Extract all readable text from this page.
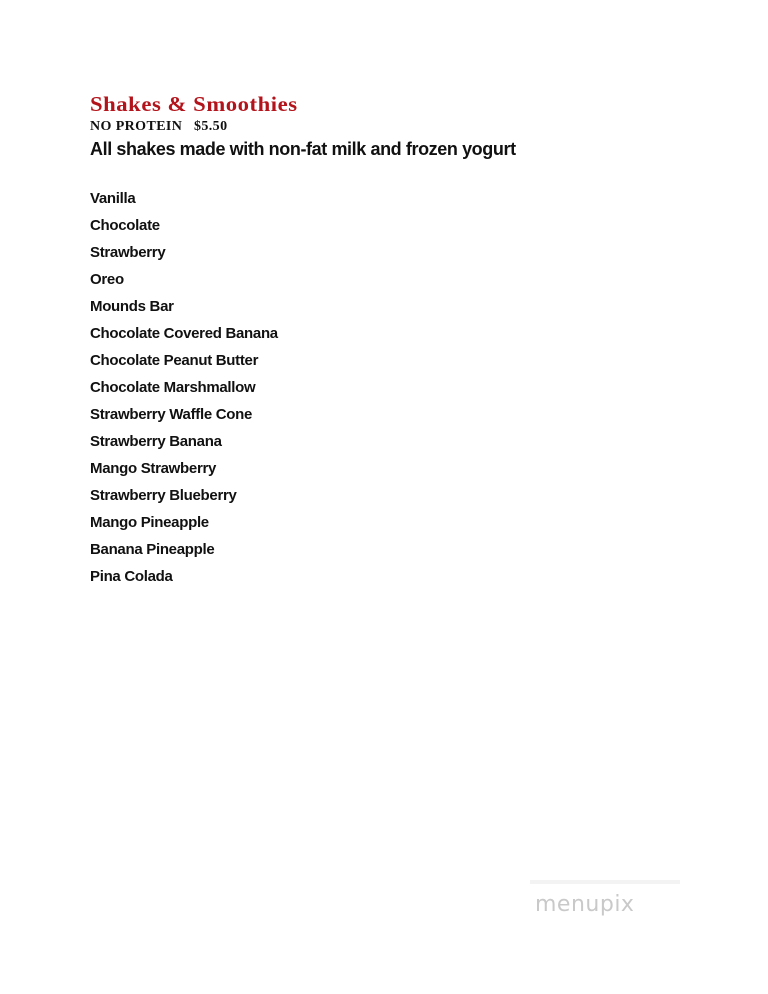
Shakes & Smoothies

NO PROTEIN   $5.50

All shakes made with non-fat milk and frozen yogurt

Vanilla
Chocolate
Strawberry
Oreo
Mounds Bar
Chocolate Covered Banana
Chocolate Peanut Butter
Chocolate Marshmallow
Strawberry Waffle Cone
Strawberry Banana
Mango Strawberry
Strawberry Blueberry
Mango Pineapple
Banana Pineapple
Pina Colada
menupix
